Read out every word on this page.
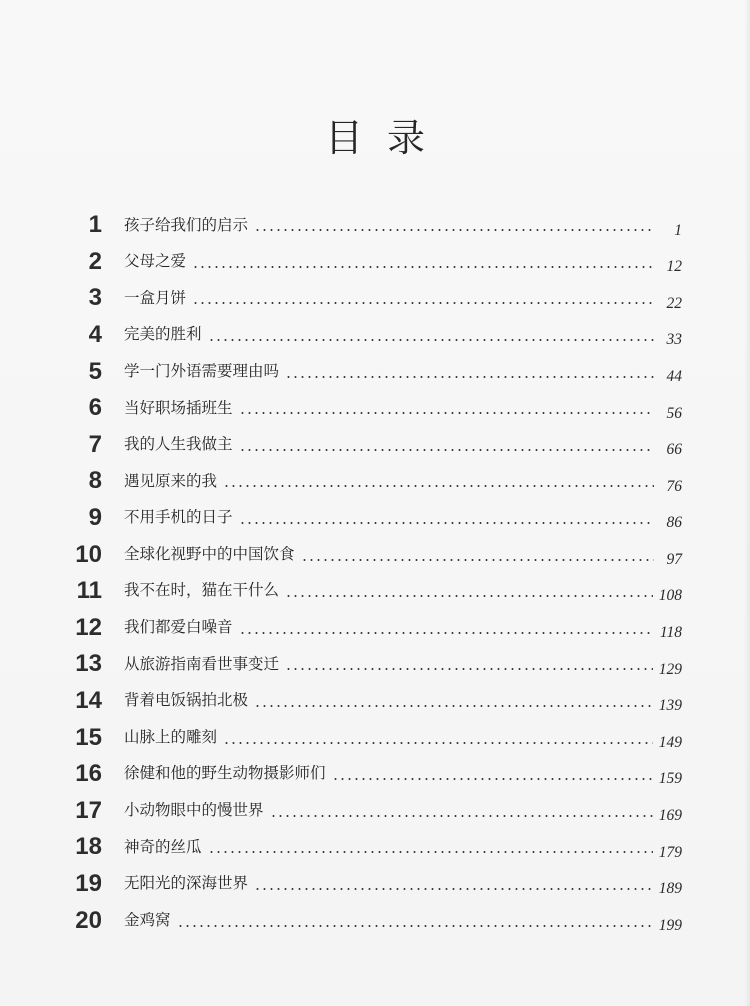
目 录
1 孩子给我们的启示	1
2 父母之爱	12
3 一盒月饼	22
4 完美的胜利	33
5 学一门外语需要理由吗	44
6 当好职场插班生	56
7 我的人生我做主	66
8 遇见原来的我	76
9 不用手机的日子	86
10 全球化视野中的中国饮食	97
11 我不在时，猫在干什么	108
12 我们都爱白噪音	118
13 从旅游指南看世事变迁	129
14 背着电饭锅拍北极	139
15 山脉上的雕刻	149
16 徐健和他的野生动物摄影师们	159
17 小动物眼中的慢世界	169
18 神奇的丝瓜	179
19 无阳光的深海世界	189
20 金鸡窝	199
